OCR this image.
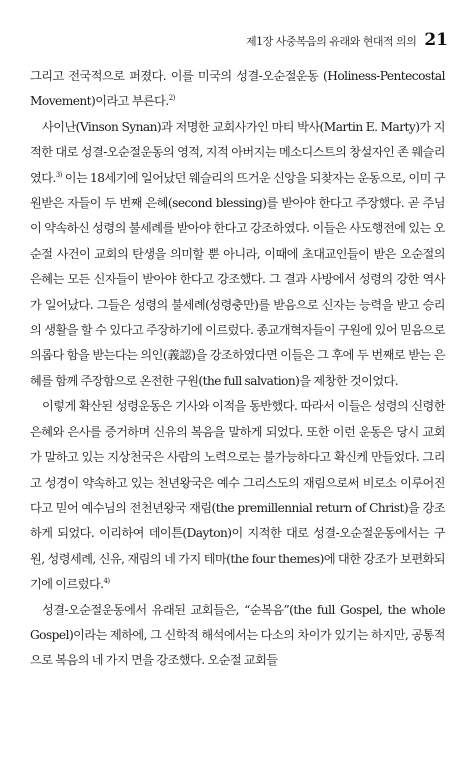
제1장 사중복음의 유래와 현대적 의의 21

그리고 전국적으로 퍼졌다. 이를 미국의 성결-오순절운동 (Holiness-Pentecostal Movement)이라고 부른다.$^{2)}$

사이난(Vinson Synan)과 저명한 교회사가인 마티 박사(Martin E. Marty)가 지적한 대로 성결-오순절운동의 영적, 지적 아버지는 메소디스트의 창설자인 존 웨슬리였다.$^{3)}$ 이는 18세기에 일어났던 웨슬리의 뜨거운 신앙을 되찾자는 운동으로, 이미 구원받은 자들이 두 번째 은혜(second blessing)를 받아야 한다고 주장했다. 곧 주님이 약속하신 성령의 불세례를 받아야 한다고 강조하였다. 이들은 사도행전에 있는 오순절 사건이 교회의 탄생을 의미할 뿐 아니라, 이때에 초대교인들이 받은 오순절의 은혜는 모든 신자들이 받아야 한다고 강조했다. 그 결과 사방에서 성령의 강한 역사가 일어났다. 그들은 성령의 불세례(성령충만)를 받음으로 신자는 능력을 받고 승리의 생활을 할 수 있다고 주장하기에 이르렀다. 종교개혁자들이 구원에 있어 믿음으로 의롭다 함을 받는다는 의인(義認)을 강조하였다면 이들은 그 후에 두 번째로 받는 은혜를 함께 주장함으로 온전한 구원(the full salvation)을 제창한 것이었다.

이렇게 확산된 성령운동은 기사와 이적을 동반했다. 따라서 이들은 성령의 신령한 은혜와 은사를 증거하며 신유의 복음을 말하게 되었다. 또한 이런 운동은 당시 교회가 말하고 있는 지상천국은 사람의 노력으로는 불가능하다고 확신케 만들었다. 그리고 성경이 약속하고 있는 천년왕국은 예수 그리스도의 재림으로써 비로소 이루어진다고 믿어 예수님의 전천년왕국 재림(the premillennial return of Christ)을 강조하게 되었다. 이리하여 데이튼(Dayton)이 지적한 대로 성결-오순절운동에서는 구원, 성령세례, 신유, 재림의 네 가지 테마(the four themes)에 대한 강조가 보편화되기에 이르렀다.$^{4)}$

성결-오순절운동에서 유래된 교회들은, “순복음”(the full Gospel, the whole Gospel)이라는 제하에, 그 신학적 해석에서는 다소의 차이가 있기는 하지만, 공통적으로 복음의 네 가지 면을 강조했다. 오순절 교회들
